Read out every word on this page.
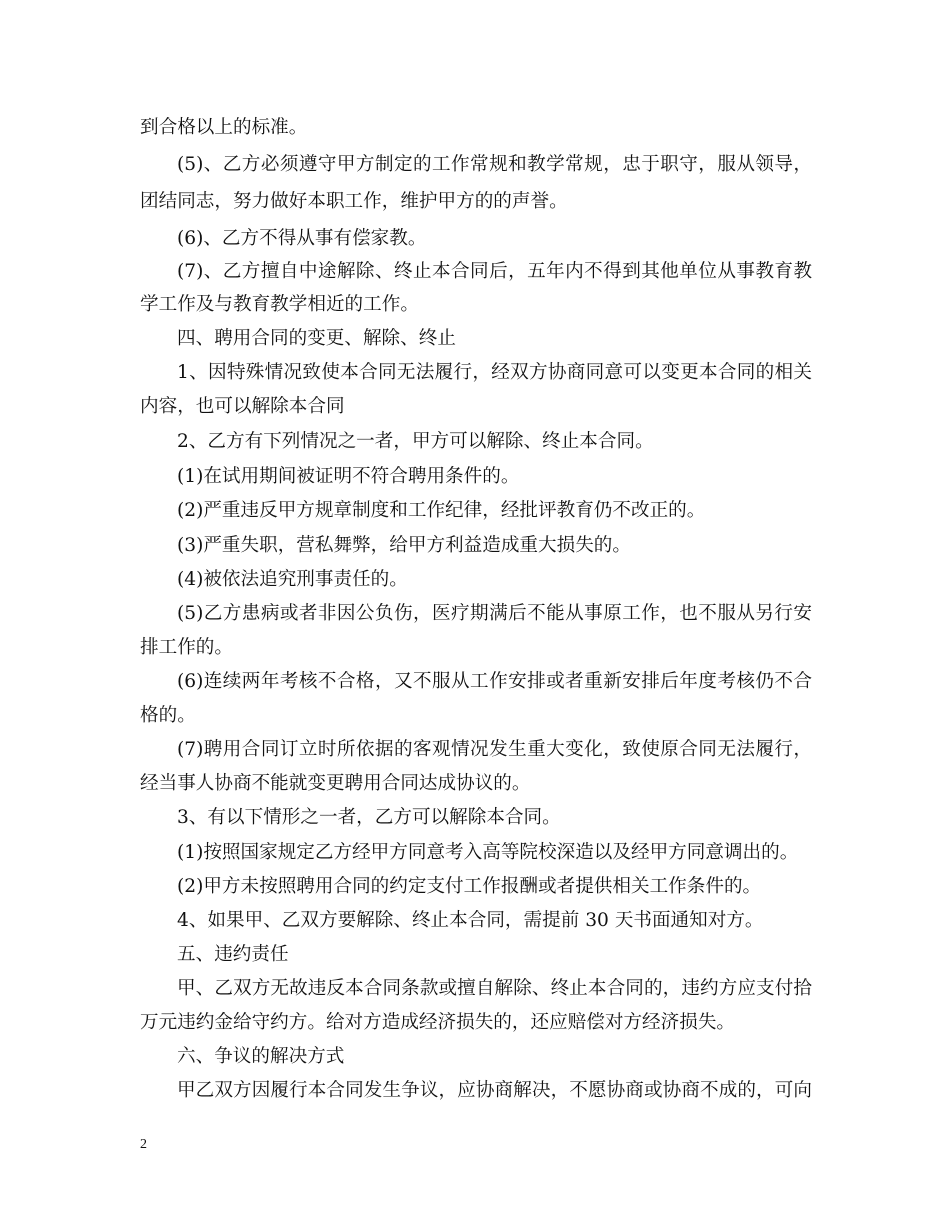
到合格以上的标准。
(5)、乙方必须遵守甲方制定的工作常规和教学常规，忠于职守，服从领导，
团结同志，努力做好本职工作，维护甲方的的声誉。
(6)、乙方不得从事有偿家教。
(7)、乙方擅自中途解除、终止本合同后，五年内不得到其他单位从事教育教
学工作及与教育教学相近的工作。
四、聘用合同的变更、解除、终止
1、因特殊情况致使本合同无法履行，经双方协商同意可以变更本合同的相关
内容，也可以解除本合同
2、乙方有下列情况之一者，甲方可以解除、终止本合同。
(1)在试用期间被证明不符合聘用条件的。
(2)严重违反甲方规章制度和工作纪律，经批评教育仍不改正的。
(3)严重失职，营私舞弊，给甲方利益造成重大损失的。
(4)被依法追究刑事责任的。
(5)乙方患病或者非因公负伤，医疗期满后不能从事原工作，也不服从另行安
排工作的。
(6)连续两年考核不合格，又不服从工作安排或者重新安排后年度考核仍不合
格的。
(7)聘用合同订立时所依据的客观情况发生重大变化，致使原合同无法履行，
经当事人协商不能就变更聘用合同达成协议的。
3、有以下情形之一者，乙方可以解除本合同。
(1)按照国家规定乙方经甲方同意考入高等院校深造以及经甲方同意调出的。
(2)甲方未按照聘用合同的约定支付工作报酬或者提供相关工作条件的。
4、如果甲、乙双方要解除、终止本合同，需提前 30 天书面通知对方。
五、违约责任
甲、乙双方无故违反本合同条款或擅自解除、终止本合同的，违约方应支付拾
万元违约金给守约方。给对方造成经济损失的，还应赔偿对方经济损失。
六、争议的解决方式
甲乙双方因履行本合同发生争议，应协商解决，不愿协商或协商不成的，可向
2
